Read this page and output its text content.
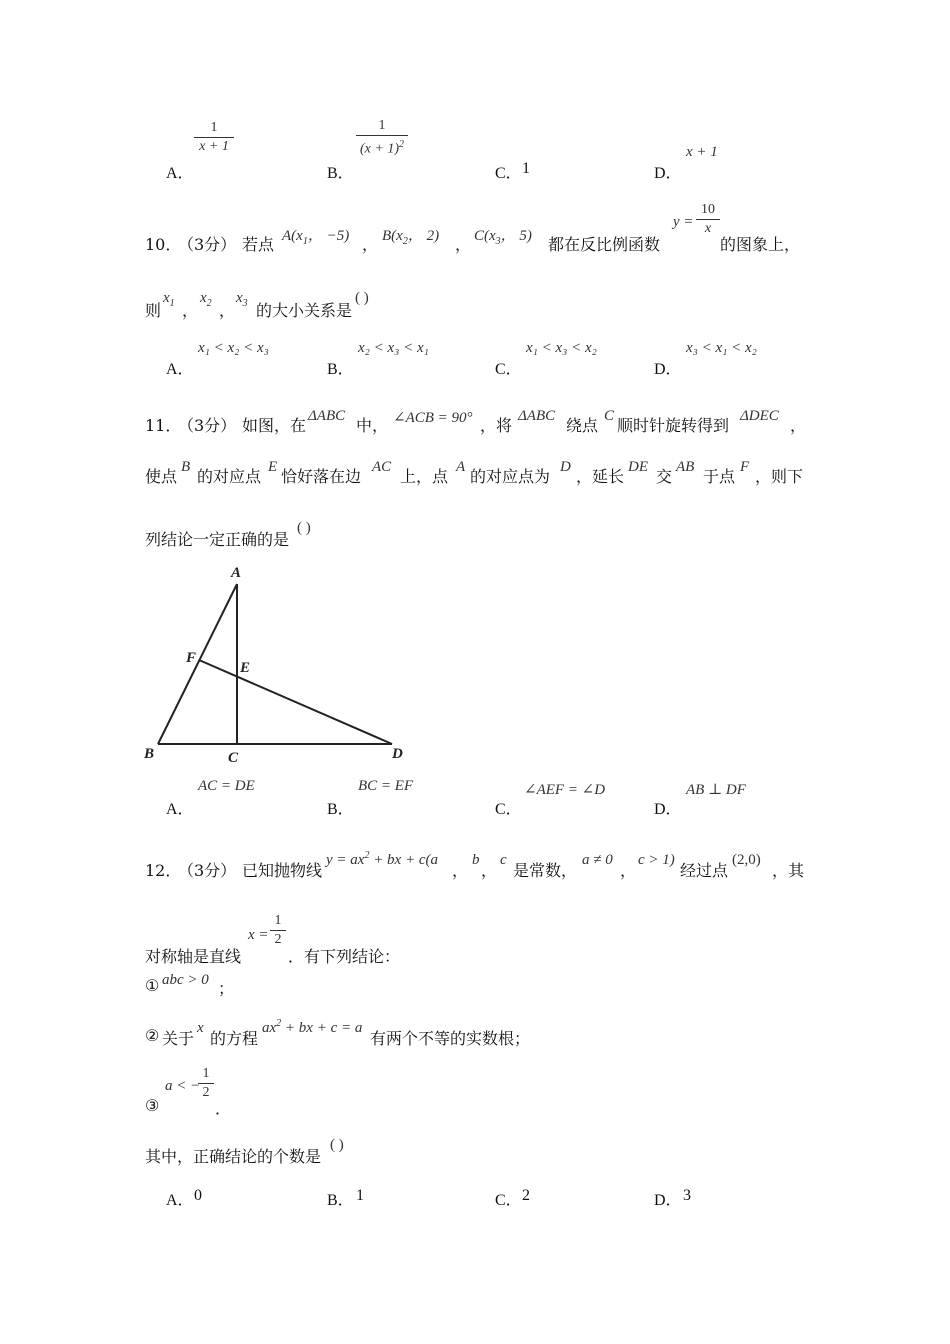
A．
1
x + 1
B．
1
$(x + 1)^2$
C． 1	D．
x + 1
10．
（3分） 若点 $A(x_1$， −5) ， $B(x_2$， 2) ， $C(x_3$， 5) 都在反比例函数
y =
10
x
的图象上，
则
$x_1$ ，
$x_2$ ，
$x_3$ 的大小关系是
( )
A．
x₁ < x₂ < x₃
B．
x₂ < x₃ < x₁
C．
x₁ < x₃ < x₂
D．
x₃ < x₁ < x₂
11．
（3分） 如图，在 ΔABC 中， ∠ACB = 90° ，将 ΔABC 绕点 C 顺时针旋转得到 ΔDEC ，
使点 B 的对应点 E 恰好落在边 AC 上，点 A 的对应点为 D ，延长 DE 交 AB 于点 F ，则下
列结论一定正确的是
( )
A
F
E
B	C	D
A．
AC = DE
B．
BC = EF
C．
∠AEF = ∠D
D．
AB ⊥ DF
12．
（3分） 已知抛物线
$y = ax^2$ + bx + c(a
，
b
，
c
是常数，
a ≠ 0
，
c > 1)
经过点
(2,0)
，其
对称轴是直线
x =
1
2
．有下列结论：
① abc > 0 ；
② 关于
x
的方程
$ax^2$ + bx + c = a
有两个不等的实数根；
③
a < −
1
2
．
其中，正确结论的个数是
( )
A． 0	B． 1	C． 2	D． 3
